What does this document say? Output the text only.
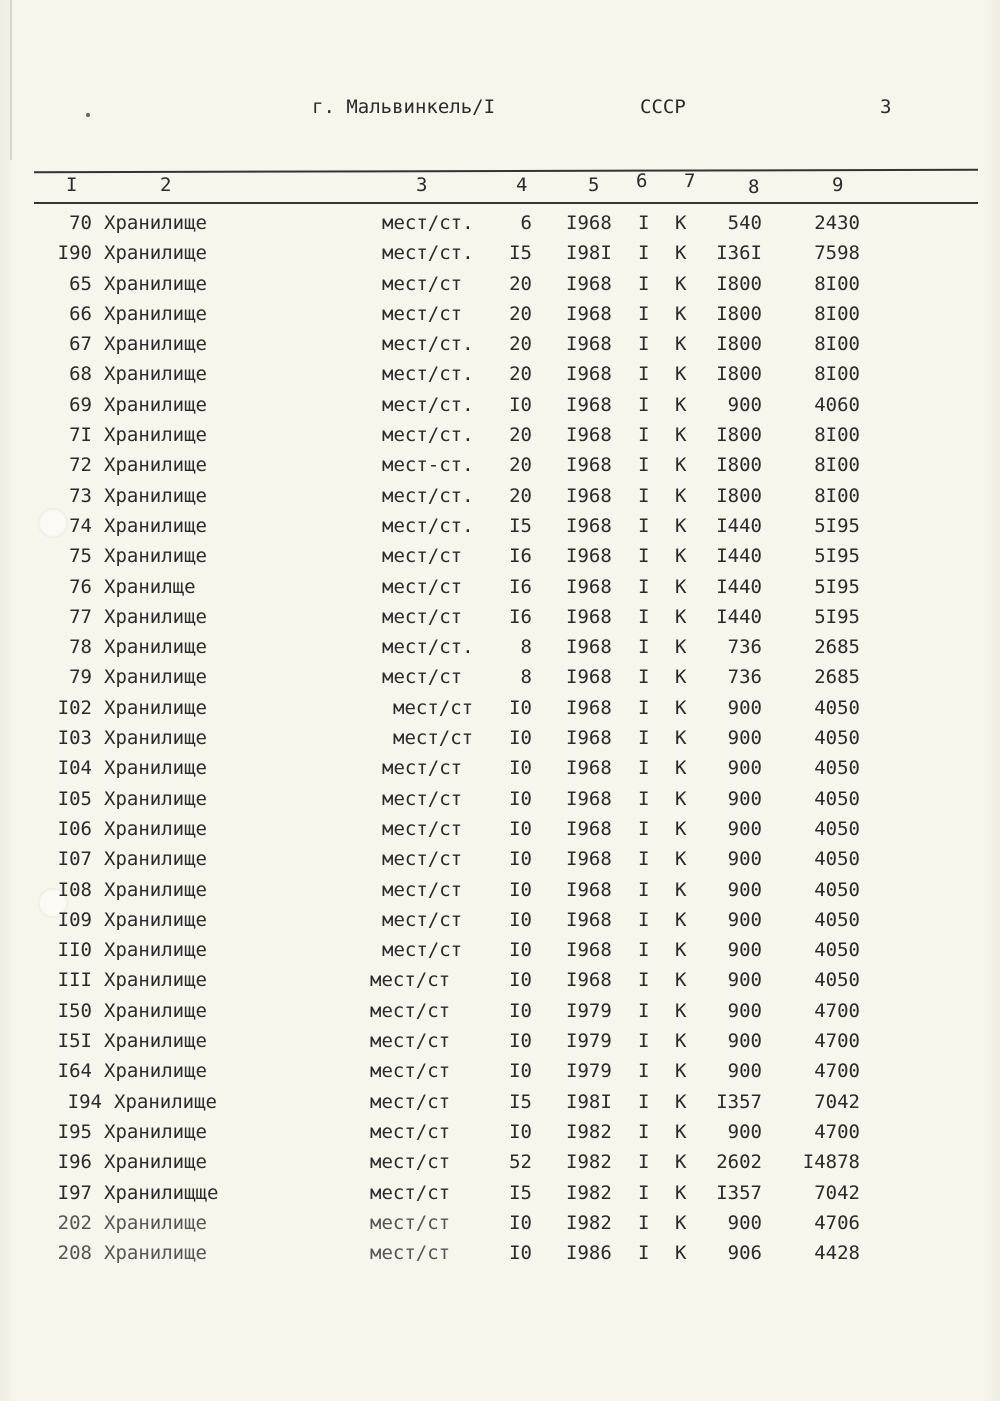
г. Мальвинкель/I	СССР	3
I	2	3	4	5 6 7	8	9
70 Хранилище	мест/ст. 6 I968 I К 540	2430
I90 Хранилище	мест/ст. I5 I98I I К I36I	7598
65 Хранилище	мест/ст 20 I968 I К I800	8I00
66 Хранилище	мест/ст 20 I968 I К I800	8I00
67 Хранилище	мест/ст. 20 I968 I К I800	8I00
68 Хранилище	мест/ст. 20 I968 I К I800	8I00
69 Хранилище	мест/ст. I0 I968 I К 900	4060
7I Хранилище	мест/ст. 20 I968 I К I800	8I00
72 Хранилище	мест-ст. 20 I968 I К I800	8I00
73 Хранилище	мест/ст. 20 I968 I К I800	8I00
74 Хранилище	мест/ст. I5 I968 I К I440	5I95
75 Хранилище	мест/ст I6 I968 I К I440	5I95
76 Хранилще	мест/ст I6 I968 I К I440	5I95
77 Хранилище	мест/ст I6 I968 I К I440	5I95
78 Хранилище	мест/ст. 8 I968 I К 736	2685
79 Хранилище	мест/ст	8 I968 I К 736	2685
I02 Хранилище	мест/ст I0 I968 I К 900	4050
I03 Хранилище	мест/ст I0 I968 I К 900	4050
I04 Хранилище	мест/ст I0 I968 I К 900	4050
I05 Хранилище	мест/ст I0 I968 I К 900	4050
I06 Хранилище	мест/ст I0 I968 I К 900	4050
I07 Хранилище	мест/ст I0 I968 I К 900	4050
I08 Хранилище	мест/ст I0 I968 I К 900	4050
I09 Хранилище	мест/ст I0 I968 I К 900	4050
II0 Хранилище	мест/ст I0 I968 I К 900	4050
III Хранилище	мест/ст	I0 I968 I К 900	4050
I50 Хранилище	мест/ст	I0 I979 I К 900	4700
I5I Хранилище	мест/ст	I0 I979 I К 900	4700
I64 Хранилище	мест/ст	I0 I979 I К 900	4700
I94 Хранилище	мест/ст	I5 I98I I К I357	7042
I95 Хранилище	мест/ст	I0 I982 I К 900	4700
I96 Хранилище	мест/ст	52 I982 I К 2602 I4878
I97 Хранилищще	мест/ст	I5 I982 I К I357	7042
202 Хранилище	мест/ст	I0 I982 I К 900	4706
208 Хранилище	мест/ст	I0 I986 I К 906	4428
